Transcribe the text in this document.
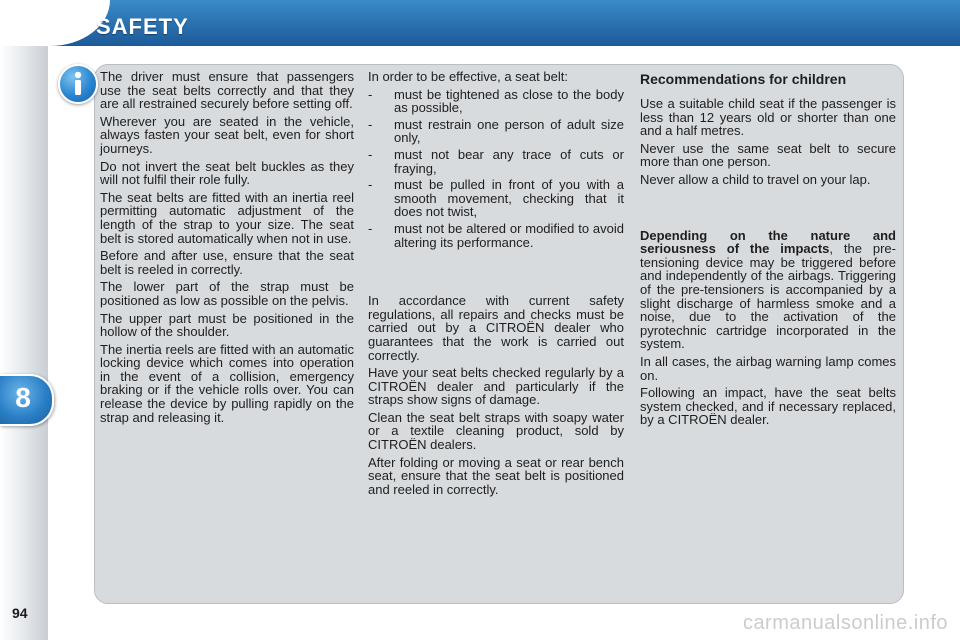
SAFETY
8
94

The driver must ensure that passengers use the seat belts correctly and that they are all restrained securely before setting off.

Wherever you are seated in the vehicle, always fasten your seat belt, even for short journeys.

Do not invert the seat belt buckles as they will not fulfil their role fully.

The seat belts are fitted with an inertia reel permitting automatic adjustment of the length of the strap to your size. The seat belt is stored automatically when not in use.

Before and after use, ensure that the seat belt is reeled in correctly.

The lower part of the strap must be positioned as low as possible on the pelvis.

The upper part must be positioned in the hollow of the shoulder.

The inertia reels are fitted with an automatic locking device which comes into operation in the event of a collision, emergency braking or if the vehicle rolls over. You can release the device by pulling rapidly on the strap and releasing it.

In order to be effective, a seat belt:

- must be tightened as close to the body as possible,
- must restrain one person of adult size only,
- must not bear any trace of cuts or fraying,
- must be pulled in front of you with a smooth movement, checking that it does not twist,
- must not be altered or modified to avoid altering its performance.

In accordance with current safety regulations, all repairs and checks must be carried out by a CITROËN dealer who guarantees that the work is carried out correctly.

Have your seat belts checked regularly by a CITROËN dealer and particularly if the straps show signs of damage.

Clean the seat belt straps with soapy water or a textile cleaning product, sold by CITROËN dealers.

After folding or moving a seat or rear bench seat, ensure that the seat belt is positioned and reeled in correctly.

Recommendations for children

Use a suitable child seat if the passenger is less than 12 years old or shorter than one and a half metres.

Never use the same seat belt to secure more than one person.

Never allow a child to travel on your lap.

Depending on the nature and seriousness of the impacts, the pre-tensioning device may be triggered before and independently of the airbags. Triggering of the pre-tensioners is accompanied by a slight discharge of harmless smoke and a noise, due to the activation of the pyrotechnic cartridge incorporated in the system.

In all cases, the airbag warning lamp comes on.

Following an impact, have the seat belts system checked, and if necessary replaced, by a CITROËN dealer.

carmanualsonline.info
